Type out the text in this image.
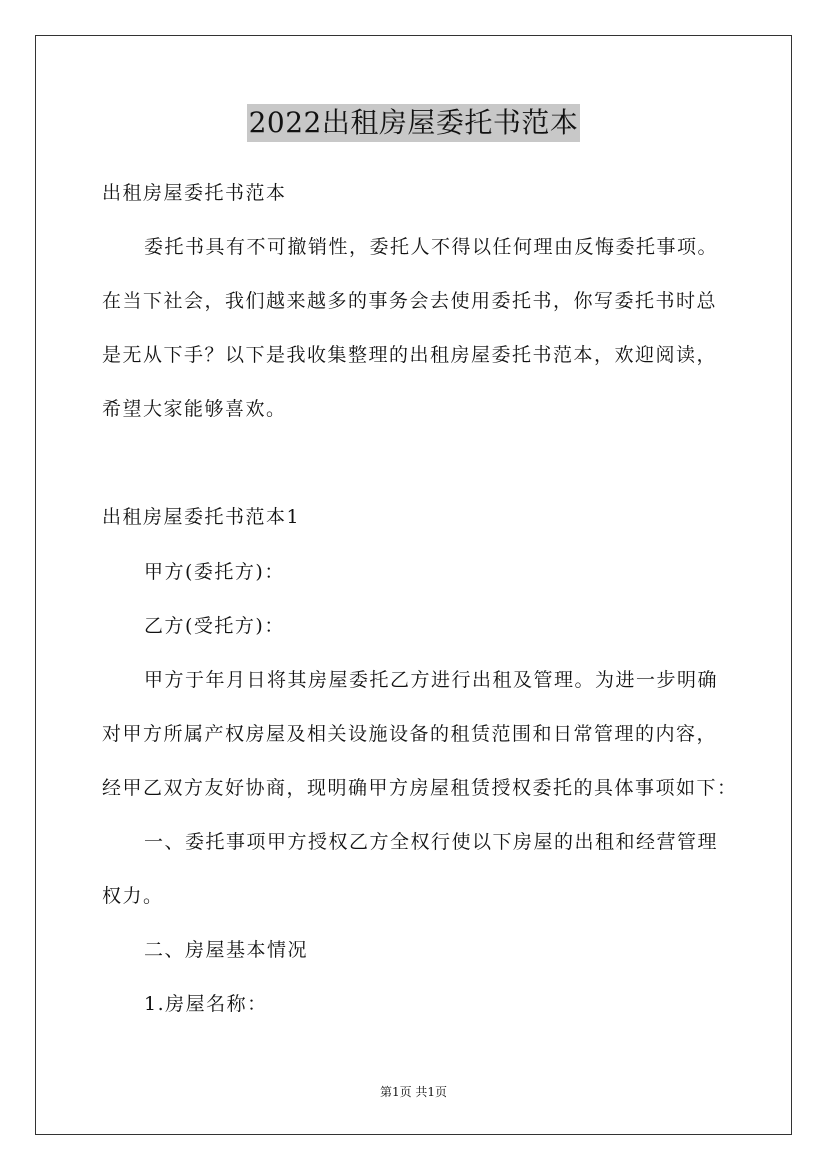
2022出租房屋委托书范本
出租房屋委托书范本
委托书具有不可撤销性，委托人不得以任何理由反悔委托事项。
在当下社会，我们越来越多的事务会去使用委托书，你写委托书时总
是无从下手？以下是我收集整理的出租房屋委托书范本，欢迎阅读，
希望大家能够喜欢。
出租房屋委托书范本1
甲方(委托方)：
乙方(受托方)：
甲方于年月日将其房屋委托乙方进行出租及管理。为进一步明确
对甲方所属产权房屋及相关设施设备的租赁范围和日常管理的内容，
经甲乙双方友好协商，现明确甲方房屋租赁授权委托的具体事项如下：
一、委托事项甲方授权乙方全权行使以下房屋的出租和经营管理
权力。
二、房屋基本情况
1.房屋名称：
第1页 共1页
